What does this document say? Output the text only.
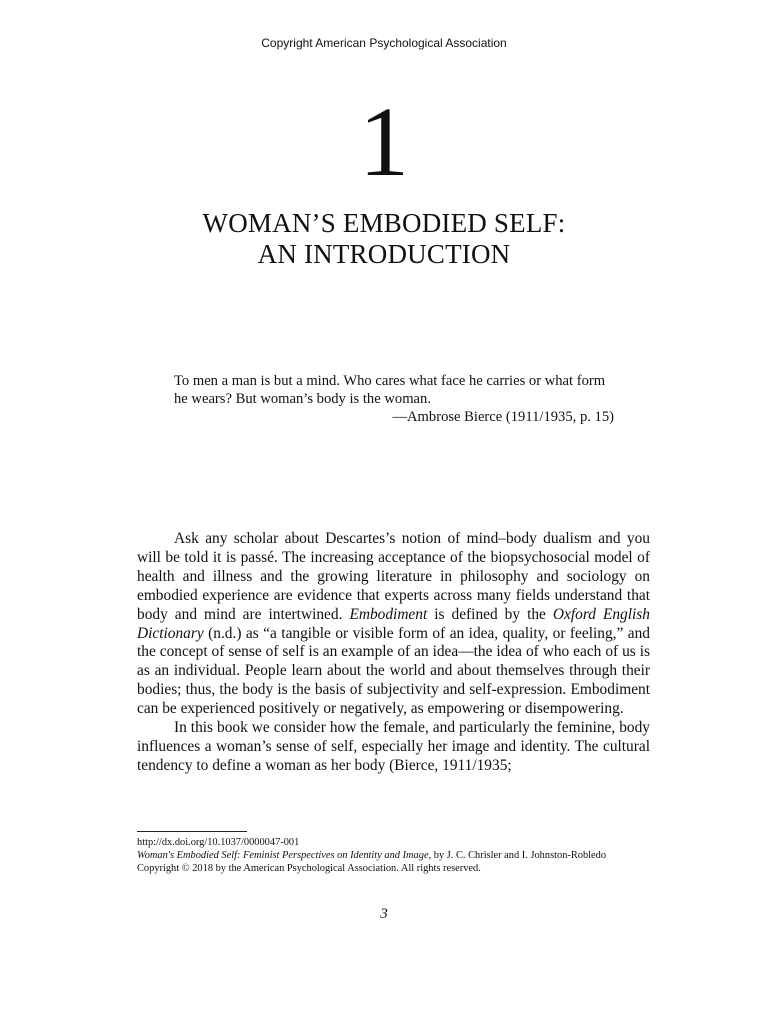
Copyright American Psychological Association
1
WOMAN’S EMBODIED SELF:
AN INTRODUCTION
To men a man is but a mind. Who cares what face he carries or what form
he wears? But woman’s body is the woman.
—Ambrose Bierce (1911/1935, p. 15)

Ask any scholar about Descartes’s notion of mind–body dualism and you will be told it is passé. The increasing acceptance of the biopsychosocial model of health and illness and the growing literature in philosophy and sociology on embodied experience are evidence that experts across many fields understand that body and mind are intertwined. Embodiment is defined by the Oxford English Dictionary (n.d.) as “a tangible or visible form of an idea, quality, or feeling,” and the concept of sense of self is an example of an idea—the idea of who each of us is as an individual. People learn about the world and about themselves through their bodies; thus, the body is the basis of subjectivity and self-expression. Embodiment can be experienced positively or negatively, as empowering or disempowering.

In this book we consider how the female, and particularly the feminine, body influences a woman’s sense of self, especially her image and identity. The cultural tendency to define a woman as her body (Bierce, 1911/1935;

http://dx.doi.org/10.1037/0000047-001
Woman's Embodied Self: Feminist Perspectives on Identity and Image, by J. C. Chrisler and I. Johnston-Robledo
Copyright © 2018 by the American Psychological Association. All rights reserved.
3
